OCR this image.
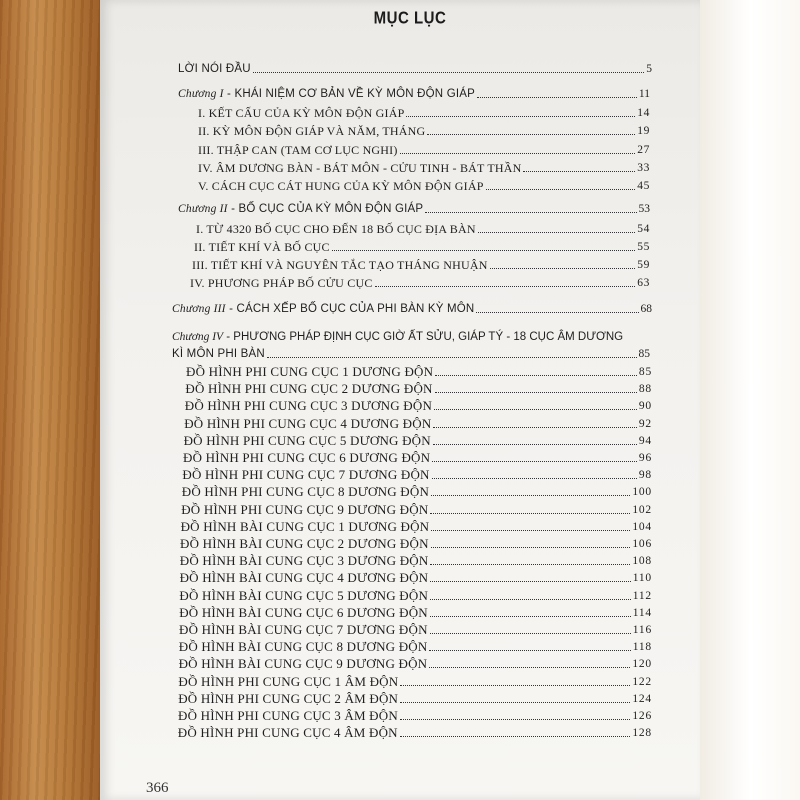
MỤC LỤC
LỜI NÓI ĐẦU	5
Chương I - KHÁI NIỆM CƠ BẢN VỀ KỲ MÔN ĐỘN GIÁP	11
I. KẾT CẤU CỦA KỲ MÔN ĐỘN GIÁP	14
II. KỲ MÔN ĐỘN GIÁP VÀ NĂM, THÁNG	19
III. THẬP CAN (TAM CƠ LỤC NGHI)	27
IV. ÂM DƯƠNG BÀN - BÁT MÔN - CỬU TINH - BÁT THẦN	33
V. CÁCH CỤC CÁT HUNG CỦA KỲ MÔN ĐỘN GIÁP	45
Chương II - BỐ CỤC CỦA KỲ MÔN ĐỘN GIÁP	53
I. TỪ 4320 BỐ CỤC CHO ĐẾN 18 BỐ CỤC ĐỊA BÀN	54
II. TIẾT KHÍ VÀ BỐ CỤC	55
III. TIẾT KHÍ VÀ NGUYÊN TẮC TẠO THÁNG NHUẬN	59
IV. PHƯƠNG PHÁP BỐ CỬU CỤC	63
Chương III - CÁCH XẾP BỐ CỤC CỦA PHI BÀN KỲ MÔN	68
Chương IV - PHƯƠNG PHÁP ĐỊNH CỤC GIỜ ẤT SỬU, GIÁP TÝ - 18 CỤC ÂM DƯƠNG
KÌ MÔN PHI BÀN	85
ĐỒ HÌNH PHI CUNG CỤC 1 DƯƠNG ĐỘN	85
ĐỒ HÌNH PHI CUNG CỤC 2 DƯƠNG ĐỘN	88
ĐỒ HÌNH PHI CUNG CỤC 3 DƯƠNG ĐỘN	90
ĐỒ HÌNH PHI CUNG CỤC 4 DƯƠNG ĐỘN	92
ĐỒ HÌNH PHI CUNG CỤC 5 DƯƠNG ĐỘN	94
ĐỒ HÌNH PHI CUNG CỤC 6 DƯƠNG ĐỘN	96
ĐỒ HÌNH PHI CUNG CỤC 7 DƯƠNG ĐỘN	98
ĐỒ HÌNH PHI CUNG CỤC 8 DƯƠNG ĐỘN	100
ĐỒ HÌNH PHI CUNG CỤC 9 DƯƠNG ĐỘN	102
ĐỒ HÌNH BÀI CUNG CỤC 1 DƯƠNG ĐỘN	104
ĐỒ HÌNH BÀI CUNG CỤC 2 DƯƠNG ĐỘN	106
ĐỒ HÌNH BÀI CUNG CỤC 3 DƯƠNG ĐỘN	108
ĐỒ HÌNH BÀI CUNG CỤC 4 DƯƠNG ĐỘN	110
ĐỒ HÌNH BÀI CUNG CỤC 5 DƯƠNG ĐỘN	112
ĐỒ HÌNH BÀI CUNG CỤC 6 DƯƠNG ĐỘN	114
ĐỒ HÌNH BÀI CUNG CỤC 7 DƯƠNG ĐỘN	116
ĐỒ HÌNH BÀI CUNG CỤC 8 DƯƠNG ĐỘN	118
ĐỒ HÌNH BÀI CUNG CỤC 9 DƯƠNG ĐỘN	120
ĐỒ HÌNH PHI CUNG CỤC 1 ÂM ĐỘN	122
ĐỒ HÌNH PHI CUNG CỤC 2 ÂM ĐỘN	124
ĐỒ HÌNH PHI CUNG CỤC 3 ÂM ĐỘN	126
ĐỒ HÌNH PHI CUNG CỤC 4 ÂM ĐỘN	128
366
